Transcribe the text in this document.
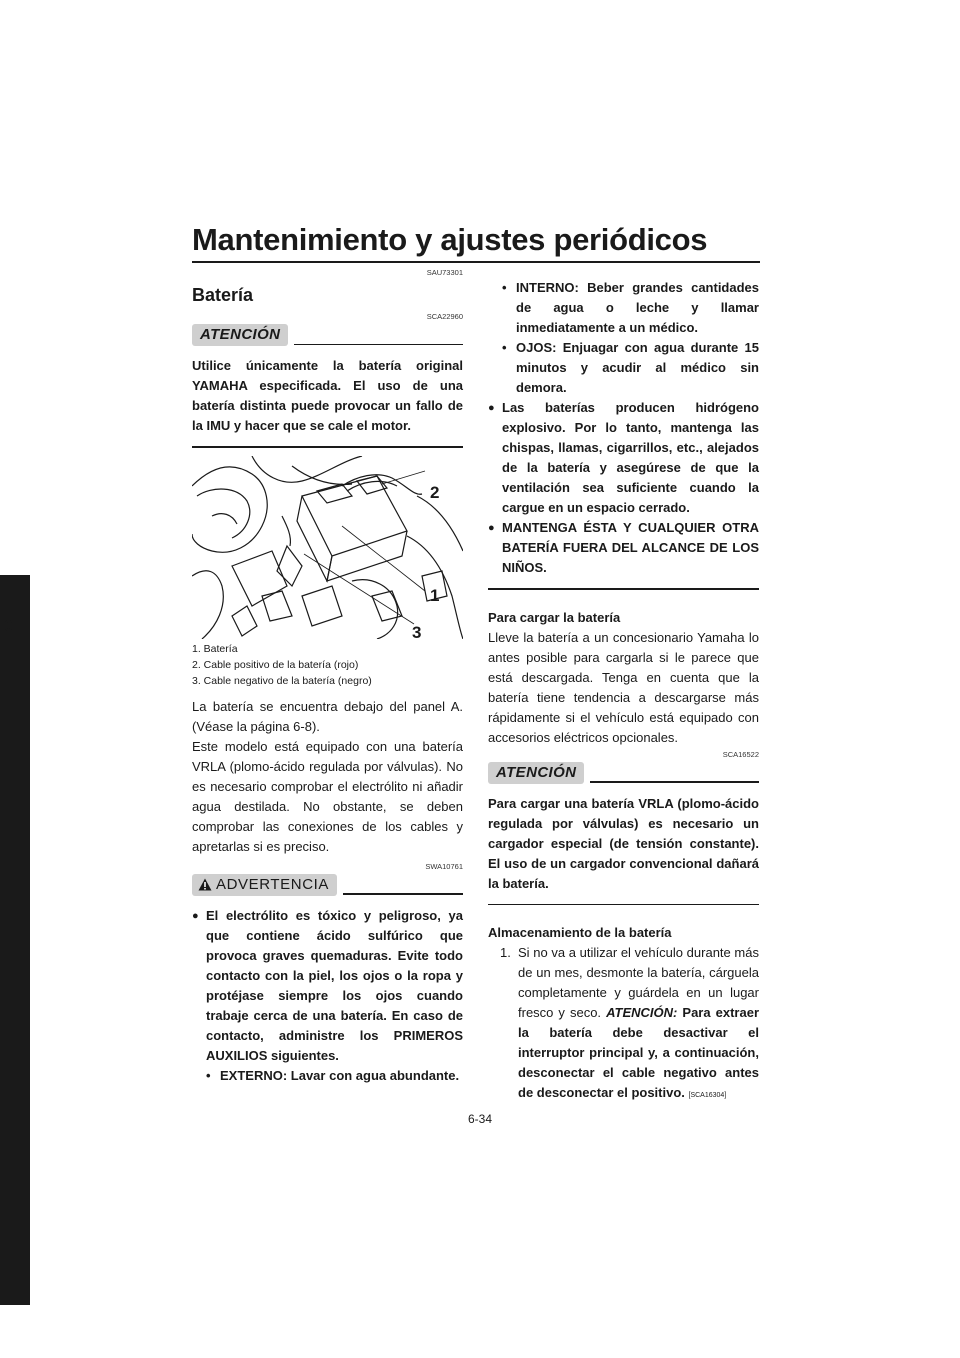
Mantenimiento y ajustes periódicos
6
SAU73301
Batería
SCA22960
ATENCIÓN
Utilice únicamente la batería original YAMAHA especificada. El uso de una batería distinta puede provocar un fallo de la IMU y hacer que se cale el motor.
2
1
3
1. Batería
2. Cable positivo de la batería (rojo)
3. Cable negativo de la batería (negro)
La batería se encuentra debajo del panel A. (Véase la página 6-8).
Este modelo está equipado con una batería VRLA (plomo-ácido regulada por válvulas). No es necesario comprobar el electrólito ni añadir agua destilada. No obstante, se deben comprobar las conexiones de los cables y apretarlas si es preciso.
SWA10761
ADVERTENCIA
● El electrólito es tóxico y peligroso, ya que contiene ácido sulfúrico que provoca graves quemaduras. Evite todo contacto con la piel, los ojos o la ropa y protéjase siempre los ojos cuando trabaje cerca de una batería. En caso de contacto, administre los PRIMEROS AUXILIOS siguientes.
• EXTERNO: Lavar con agua abundante.
• INTERNO: Beber grandes cantidades de agua o leche y llamar inmediatamente a un médico.
• OJOS: Enjuagar con agua durante 15 minutos y acudir al médico sin demora.
● Las baterías producen hidrógeno explosivo. Por lo tanto, mantenga las chispas, llamas, cigarrillos, etc., alejados de la batería y asegúrese de que la ventilación sea suficiente cuando la cargue en un espacio cerrado.
● MANTENGA ÉSTA Y CUALQUIER OTRA BATERÍA FUERA DEL ALCANCE DE LOS NIÑOS.
Para cargar la batería
Lleve la batería a un concesionario Yamaha lo antes posible para cargarla si le parece que está descargada. Tenga en cuenta que la batería tiene tendencia a descargarse más rápidamente si el vehículo está equipado con accesorios eléctricos opcionales.
SCA16522
ATENCIÓN
Para cargar una batería VRLA (plomo-ácido regulada por válvulas) es necesario un cargador especial (de tensión constante). El uso de un cargador convencional dañará la batería.
Almacenamiento de la batería
1. Si no va a utilizar el vehículo durante más de un mes, desmonte la batería, cárguela completamente y guárdela en un lugar fresco y seco. ATENCIÓN: Para extraer la batería debe desactivar el interruptor principal y, a continuación, desconectar el cable negativo antes de desconectar el positivo. [SCA16304]
6-34
